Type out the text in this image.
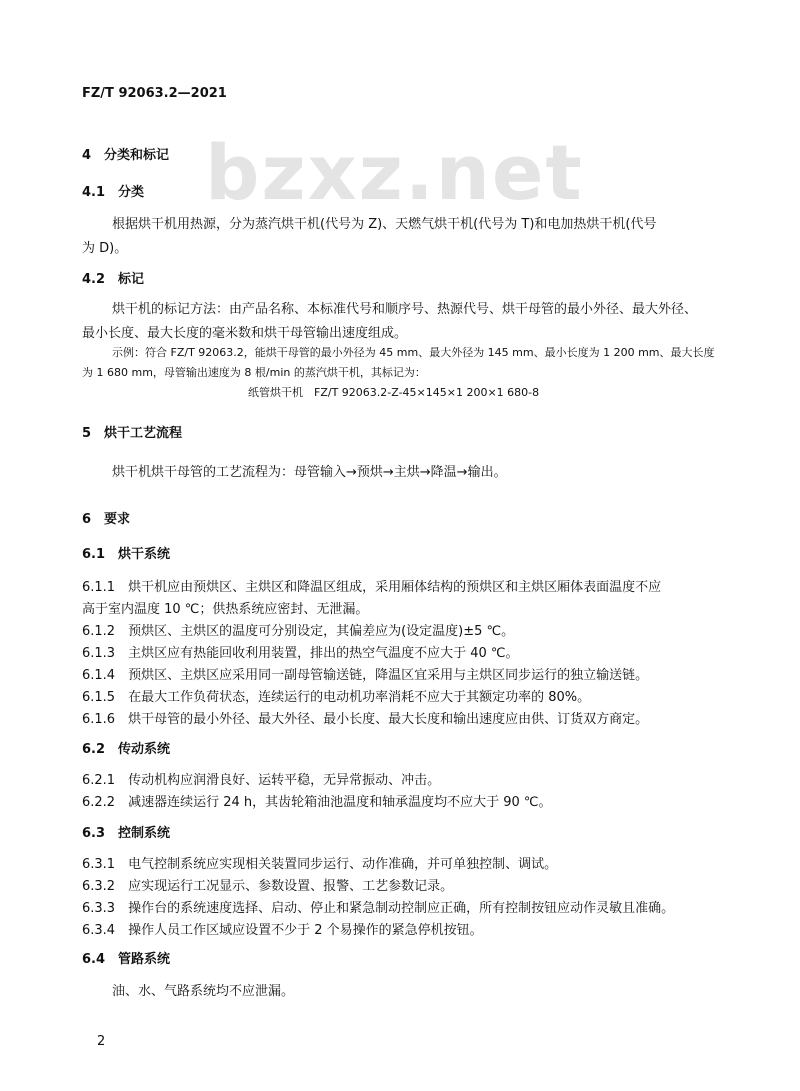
bzxz.net
FZ/T 92063.2—2021
4　分类和标记
4.1　分类
根据烘干机用热源，分为蒸汽烘干机(代号为 Z)、天燃气烘干机(代号为 T)和电加热烘干机(代号
为 D)。
4.2　标记
烘干机的标记方法：由产品名称、本标准代号和顺序号、热源代号、烘干母管的最小外径、最大外径、
最小长度、最大长度的毫米数和烘干母管输出速度组成。
示例：符合 FZ/T 92063.2，能烘干母管的最小外径为 45 mm、最大外径为 145 mm、最小长度为 1 200 mm、最大长度
为 1 680 mm，母管输出速度为 8 根/min 的蒸汽烘干机，其标记为：
纸管烘干机　FZ/T 92063.2-Z-45×145×1 200×1 680-8
5　烘干工艺流程
烘干机烘干母管的工艺流程为：母管输入→预烘→主烘→降温→输出。
6　要求
6.1　烘干系统
6.1.1　烘干机应由预烘区、主烘区和降温区组成，采用厢体结构的预烘区和主烘区厢体表面温度不应
高于室内温度 10 ℃；供热系统应密封、无泄漏。
6.1.2　预烘区、主烘区的温度可分别设定，其偏差应为(设定温度)±5 ℃。
6.1.3　主烘区应有热能回收利用装置，排出的热空气温度不应大于 40 ℃。
6.1.4　预烘区、主烘区应采用同一副母管输送链，降温区宜采用与主烘区同步运行的独立输送链。
6.1.5　在最大工作负荷状态，连续运行的电动机功率消耗不应大于其额定功率的 80%。
6.1.6　烘干母管的最小外径、最大外径、最小长度、最大长度和输出速度应由供、订货双方商定。
6.2　传动系统
6.2.1　传动机构应润滑良好、运转平稳，无异常振动、冲击。
6.2.2　减速器连续运行 24 h，其齿轮箱油池温度和轴承温度均不应大于 90 ℃。
6.3　控制系统
6.3.1　电气控制系统应实现相关装置同步运行、动作准确，并可单独控制、调试。
6.3.2　应实现运行工况显示、参数设置、报警、工艺参数记录。
6.3.3　操作台的系统速度选择、启动、停止和紧急制动控制应正确，所有控制按钮应动作灵敏且准确。
6.3.4　操作人员工作区域应设置不少于 2 个易操作的紧急停机按钮。
6.4　管路系统
油、水、气路系统均不应泄漏。
2
